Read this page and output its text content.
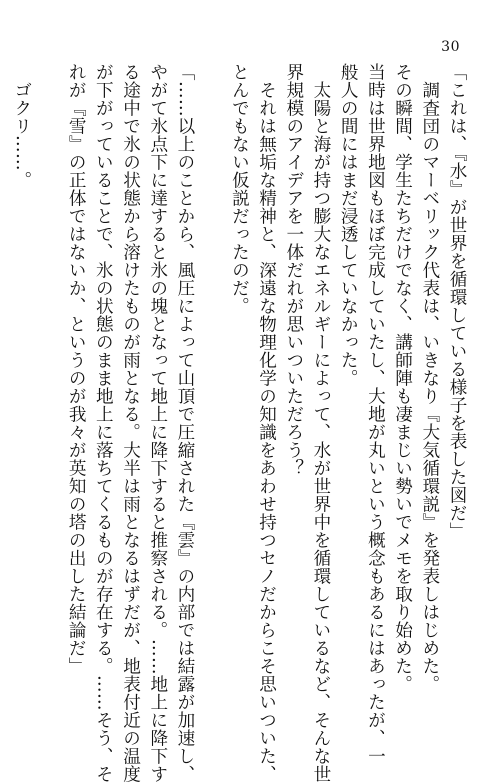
30
「これは、『水』が世界を循環している様子を表した図だ」
　調査団のマーベリック代表は、いきなり『大気循環説』を発表しはじめた。
その瞬間、学生たちだけでなく、講師陣も凄まじい勢いでメモを取り始めた。
当時は世界地図もほぼ完成していたし、大地が丸いという概念もあるにはあったが、一
般人の間にはまだ浸透していなかった。
　太陽と海が持つ膨大なエネルギーによって、水が世界中を循環しているなど、そんな世
界規模のアイデアを一体だれが思いついただろう？
　それは無垢な精神と、深遠な物理化学の知識をあわせ持つセノだからこそ思いついた、
とんでもない仮説だったのだ。
「……以上のことから、風圧によって山頂で圧縮された『雲』の内部では結露が加速し、
やがて氷点下に達すると氷の塊となって地上に降下すると推察される。……地上に降下す
る途中で氷の状態から溶けたものが雨となる。大半は雨となるはずだが、地表付近の温度
が下がっていることで、氷の状態のまま地上に落ちてくるものが存在する。……そう、そ
れが『雪』の正体ではないか、というのが我々が英知の塔の出した結論だ」
　ゴクリ……。
